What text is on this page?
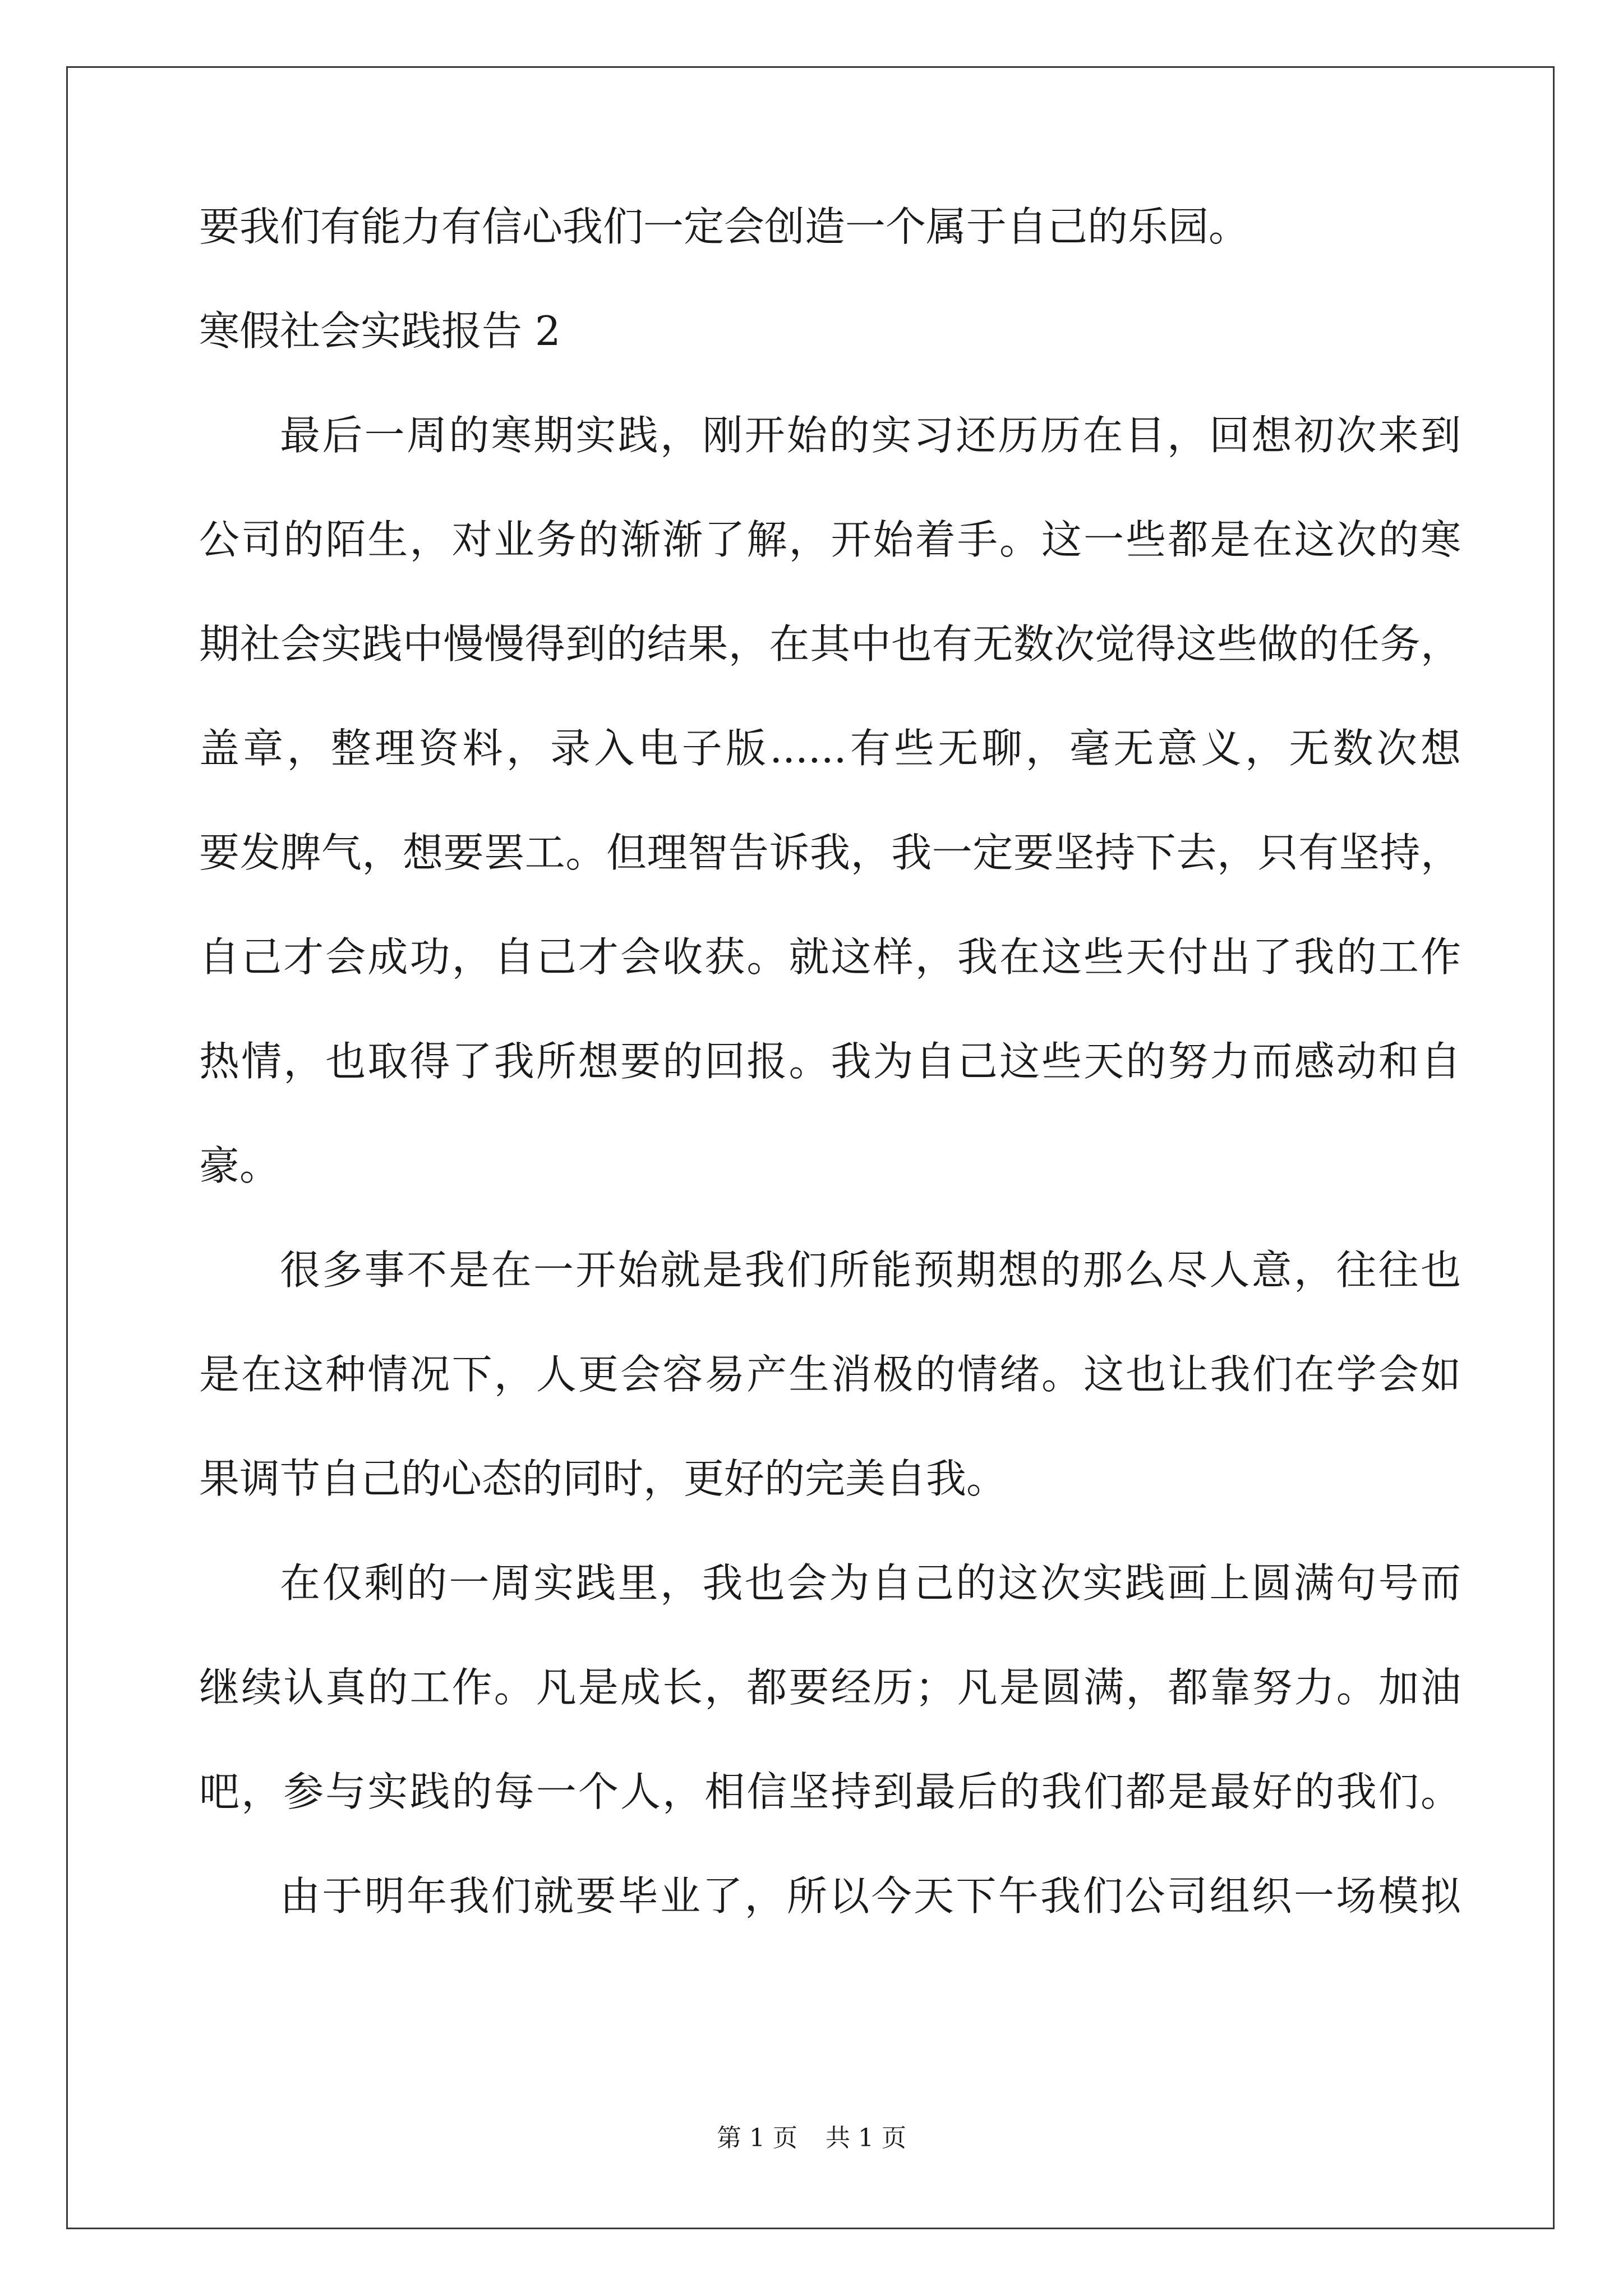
要我们有能力有信心我们一定会创造一个属于自己的乐园。
寒假社会实践报告 2
最后一周的寒期实践，刚开始的实习还历历在目，回想初次来到
公司的陌生，对业务的渐渐了解，开始着手。这一些都是在这次的寒
期社会实践中慢慢得到的结果，在其中也有无数次觉得这些做的任务，
盖章，整理资料，录入电子版......有些无聊，毫无意义，无数次想
要发脾气，想要罢工。但理智告诉我，我一定要坚持下去，只有坚持，
自己才会成功，自己才会收获。就这样，我在这些天付出了我的工作
热情，也取得了我所想要的回报。我为自己这些天的努力而感动和自
豪。
很多事不是在一开始就是我们所能预期想的那么尽人意，往往也
是在这种情况下，人更会容易产生消极的情绪。这也让我们在学会如
果调节自己的心态的同时，更好的完美自我。
在仅剩的一周实践里，我也会为自己的这次实践画上圆满句号而
继续认真的工作。凡是成长，都要经历；凡是圆满，都靠努力。加油
吧，参与实践的每一个人，相信坚持到最后的我们都是最好的我们。
由于明年我们就要毕业了，所以今天下午我们公司组织一场模拟
第 1 页 共 1 页
